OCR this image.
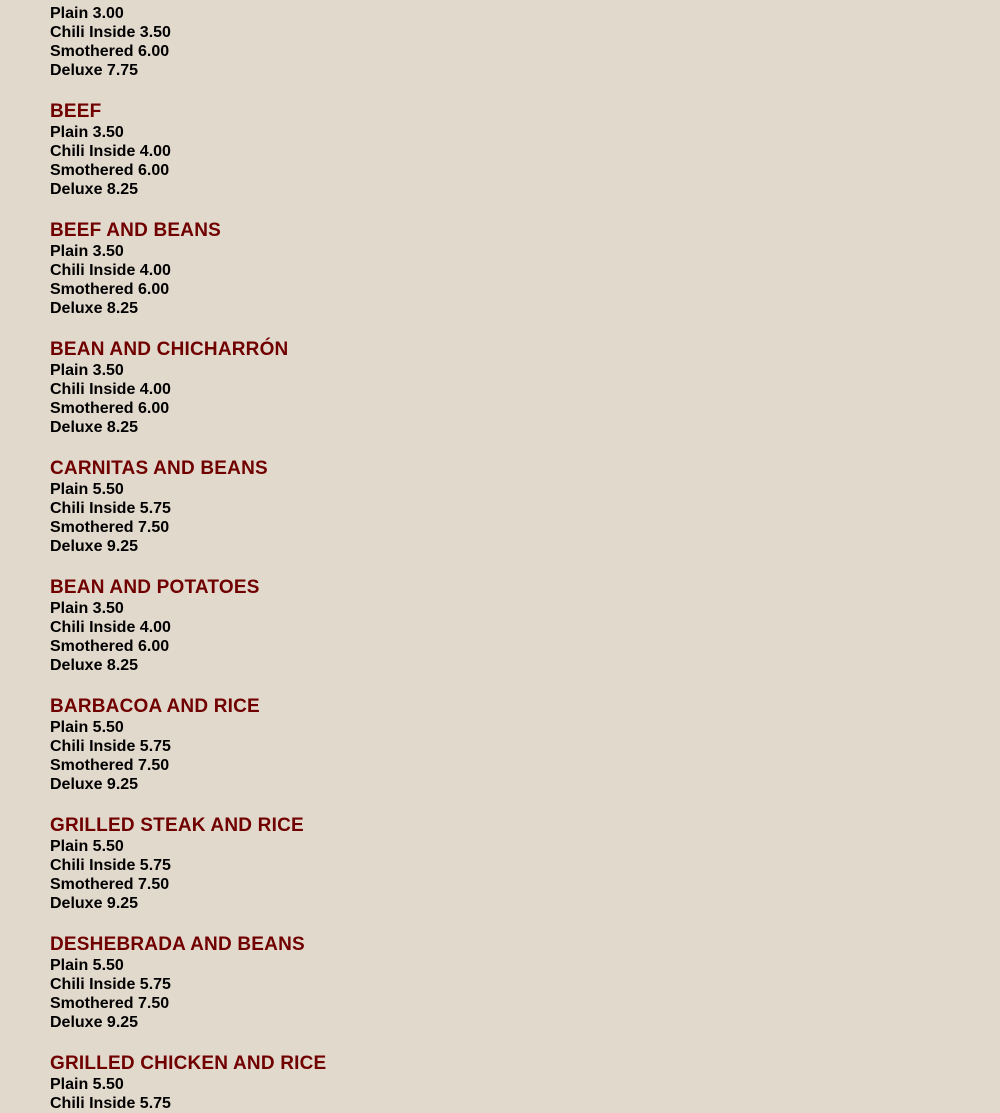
Plain 3.00
Chili Inside 3.50
Smothered 6.00
Deluxe 7.75
BEEF
Plain 3.50
Chili Inside 4.00
Smothered 6.00
Deluxe 8.25
BEEF AND BEANS
Plain 3.50
Chili Inside 4.00
Smothered 6.00
Deluxe 8.25
BEAN AND CHICHARRÓN
Plain 3.50
Chili Inside 4.00
Smothered 6.00
Deluxe 8.25
CARNITAS AND BEANS
Plain 5.50
Chili Inside 5.75
Smothered 7.50
Deluxe 9.25
BEAN AND POTATOES
Plain 3.50
Chili Inside 4.00
Smothered 6.00
Deluxe 8.25
BARBACOA AND RICE
Plain 5.50
Chili Inside 5.75
Smothered 7.50
Deluxe 9.25
GRILLED STEAK AND RICE
Plain 5.50
Chili Inside 5.75
Smothered 7.50
Deluxe 9.25
DESHEBRADA AND BEANS
Plain 5.50
Chili Inside 5.75
Smothered 7.50
Deluxe 9.25
GRILLED CHICKEN AND RICE
Plain 5.50
Chili Inside 5.75
